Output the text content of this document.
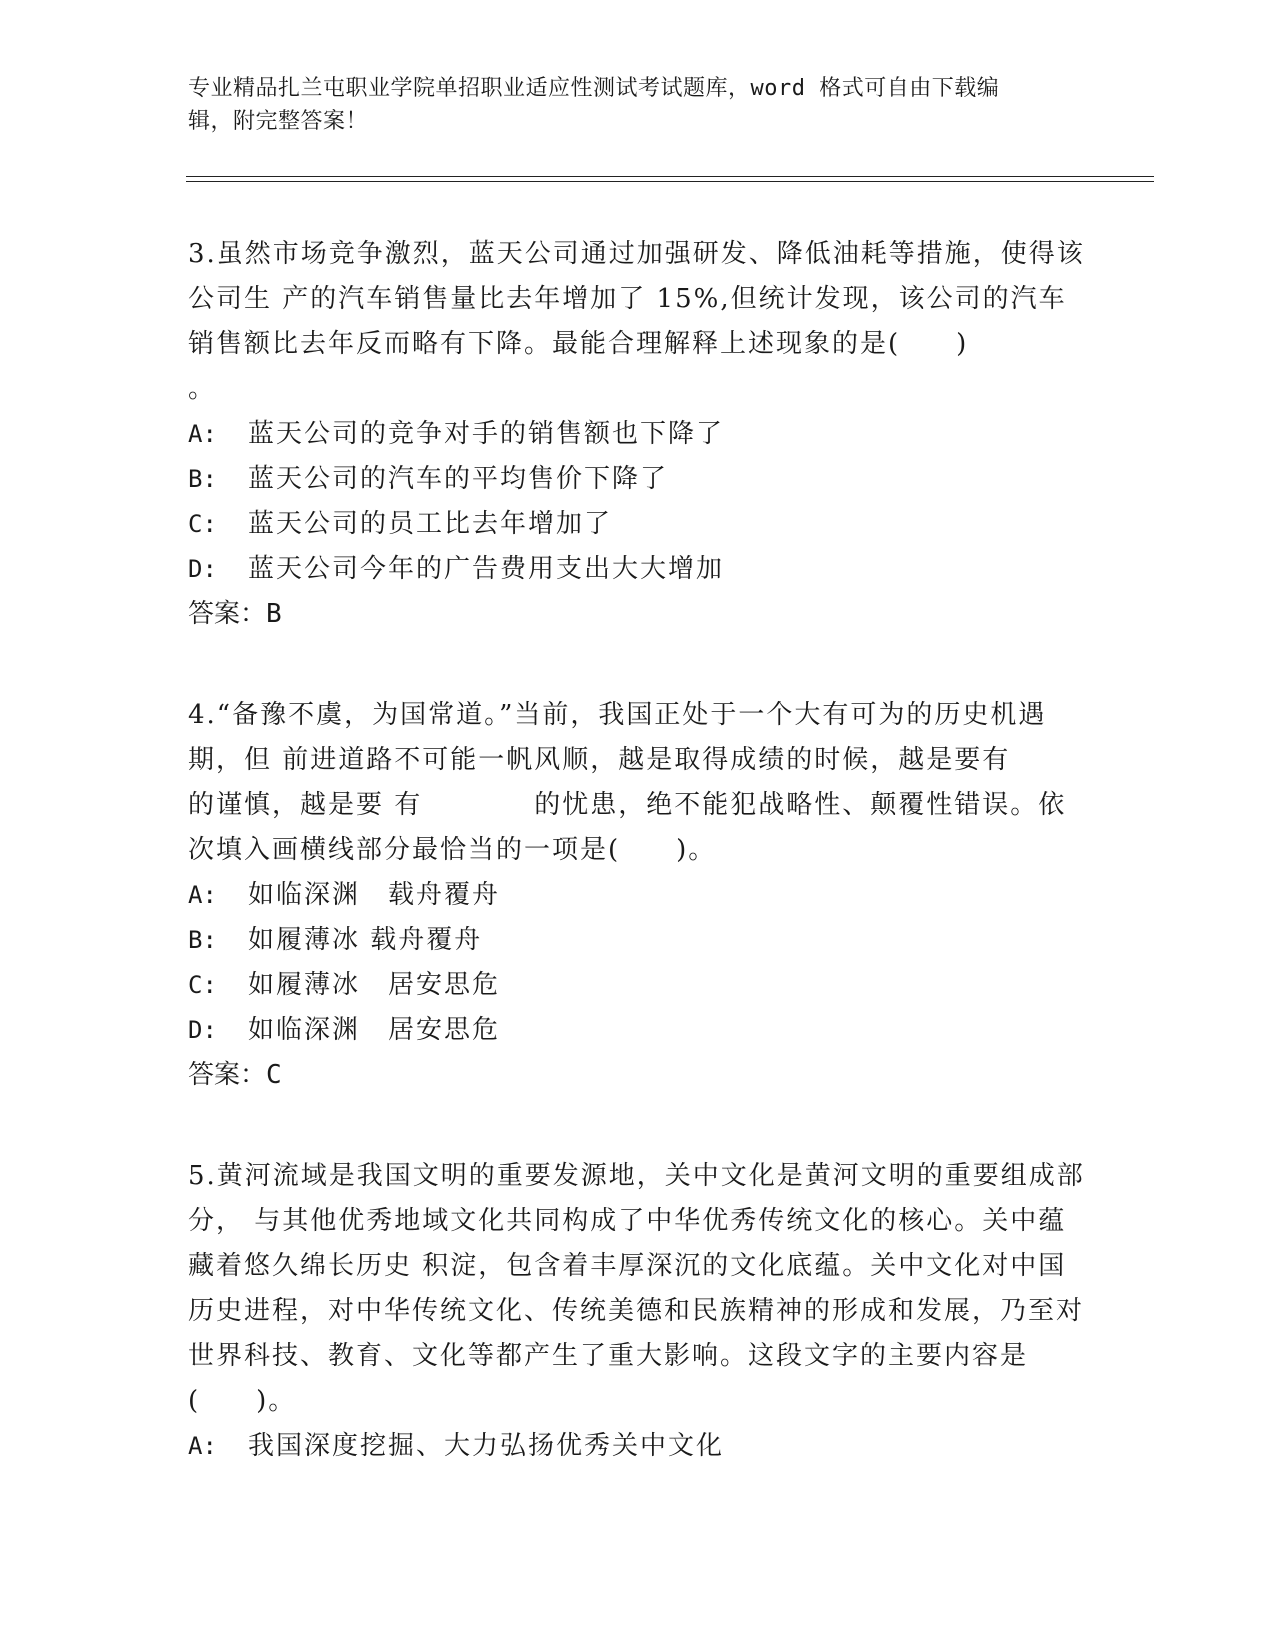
专业精品扎兰屯职业学院单招职业适应性测试考试题库，word 格式可自由下载编
辑，附完整答案！

3.虽然市场竞争激烈，蓝天公司通过加强研发、降低油耗等措施，使得该公司生 产的汽车销售量比去年增加了 15%,但统计发现，该公司的汽车销售额比去年反而略有下降。最能合理解释上述现象的是(　　)

。

A: 蓝天公司的竞争对手的销售额也下降了

B: 蓝天公司的汽车的平均售价下降了

C: 蓝天公司的员工比去年增加了

D: 蓝天公司今年的广告费用支出大大增加

答案：B

4.“备豫不虞，为国常道。”当前，我国正处于一个大有可为的历史机遇期，但 前进道路不可能一帆风顺，越是取得成绩的时候，越是要有　　　　的谨慎，越是要 有　　　　的忧患，绝不能犯战略性、颠覆性错误。依次填入画横线部分最恰当的一项是(　　)。

A: 如临深渊　载舟覆舟

B: 如履薄冰 载舟覆舟

C: 如履薄冰　居安思危

D: 如临深渊　居安思危

答案：C

5.黄河流域是我国文明的重要发源地，关中文化是黄河文明的重要组成部分， 与其他优秀地域文化共同构成了中华优秀传统文化的核心。关中蕴藏着悠久绵长历史 积淀，包含着丰厚深沉的文化底蕴。关中文化对中国历史进程，对中华传统文化、传统美德和民族精神的形成和发展，乃至对世界科技、教育、文化等都产生了重大影响。这段文字的主要内容是(　　)。

A: 我国深度挖掘、大力弘扬优秀关中文化
